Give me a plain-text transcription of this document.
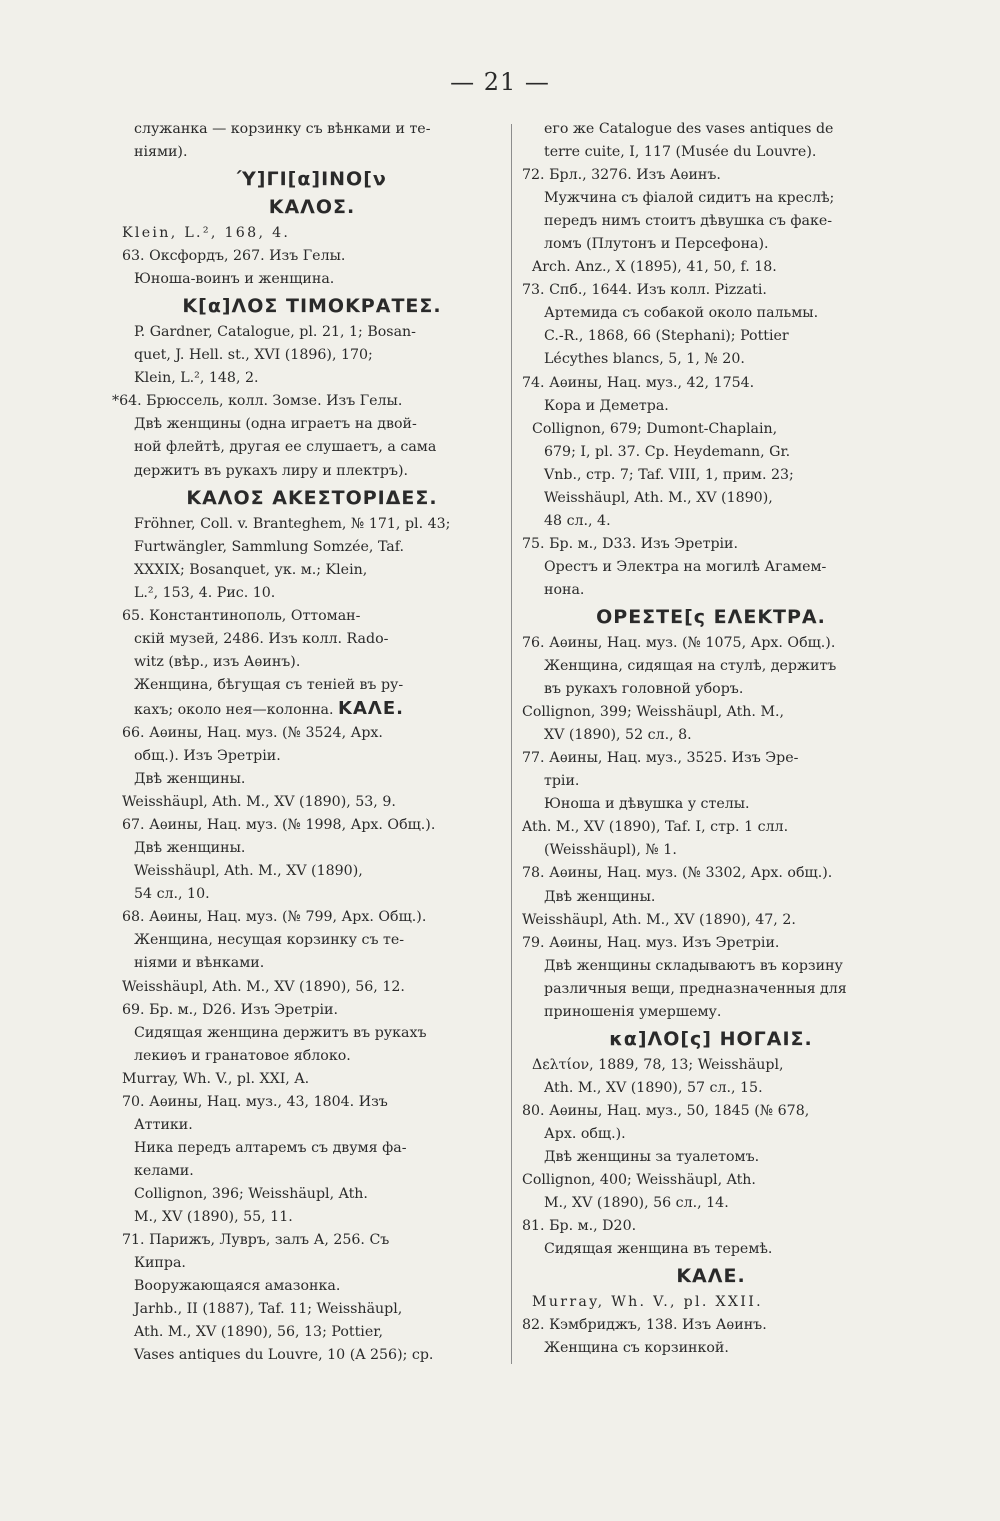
— 21 —

служанка — корзинку съ вѣнками и те-

ніями).

Ύ]ΓΙ[α]ΙΝΟ[ν

ΚΑΛΟΣ.

Klein, L.², 168, 4.

63. Оксфордъ, 267. Изъ Гелы.

Юноша-воинъ и женщина.

Κ[α]ΛΟΣ ΤΙΜΟΚΡΑΤΕΣ.

P. Gardner, Catalogue, pl. 21, 1; Bosan-

quet, J. Hell. st., XVI (1896), 170;

Klein, L.², 148, 2.

*64. Брюссель, колл. Зомзе. Изъ Гелы.

Двѣ женщины (одна играетъ на двой-

ной флейтѣ, другая ее слушаетъ, а сама

держитъ въ рукахъ лиру и плектръ).

ΚΑΛΟΣ ΑΚΕΣΤΟΡΙΔΕΣ.

Fröhner, Coll. v. Branteghem, № 171, pl. 43;

Furtwängler, Sammlung Somzée, Taf.

XXXIX; Bosanquet, ук. м.; Klein,

L.², 153, 4. Рис. 10.

65. Константинополь, Оттоман-

скій музей, 2486. Изъ колл. Rado-

witz (вѣр., изъ Аѳинъ).

Женщина, бѣгущая съ теніей въ ру-

кахъ; около нея—колонна. ΚΑΛΕ.

66. Аѳины, Нац. муз. (№ 3524, Арх.

общ.). Изъ Эретріи.

Двѣ женщины.

Weisshäupl, Ath. M., XV (1890), 53, 9.

67. Аѳины, Нац. муз. (№ 1998, Арх. Общ.).

Двѣ женщины.

Weisshäupl, Ath. M., XV (1890),

54 сл., 10.

68. Аѳины, Нац. муз. (№ 799, Арх. Общ.).

Женщина, несущая корзинку съ те-

ніями и вѣнками.

Weisshäupl, Ath. M., XV (1890), 56, 12.

69. Бр. м., D26. Изъ Эретріи.

Сидящая женщина держитъ въ рукахъ

лекиѳъ и гранатовое яблоко.

Murray, Wh. V., pl. XXI, A.

70. Аѳины, Нац. муз., 43, 1804. Изъ

Аттики.

Ника передъ алтаремъ съ двумя фа-

келами.

Collignon, 396; Weisshäupl, Ath.

M., XV (1890), 55, 11.

71. Парижъ, Лувръ, залъ А, 256. Съ

Кипра.

Вооружающаяся амазонка.

Jarhb., II (1887), Taf. 11; Weisshäupl,

Ath. M., XV (1890), 56, 13; Pottier,

Vases antiques du Louvre, 10 (A 256); ср.

его же Catalogue des vases antiques de

terre cuite, I, 117 (Musée du Louvre).

72. Брл., 3276. Изъ Аѳинъ.

Мужчина съ фіалой сидитъ на креслѣ;

передъ нимъ стоитъ дѣвушка съ факе-

ломъ (Плутонъ и Персефона).

Arch. Anz., X (1895), 41, 50, f. 18.

73. Спб., 1644. Изъ колл. Pizzati.

Артемида съ собакой около пальмы.

C.-R., 1868, 66 (Stephani); Pottier

Lécythes blancs, 5, 1, № 20.

74. Аѳины, Нац. муз., 42, 1754.

Кора и Деметра.

Collignon, 679; Dumont-Chaplain,

679; I, pl. 37. Ср. Heydemann, Gr.

Vnb., стр. 7; Taf. VIII, 1, прим. 23;

Weisshäupl, Ath. M., XV (1890),

48 сл., 4.

75. Бр. м., D33. Изъ Эретріи.

Орестъ и Электра на могилѣ Агамем-

нона.

ΟΡΕΣΤΕ[ς ΕΛΕΚΤΡΑ.

76. Аѳины, Нац. муз. (№ 1075, Арх. Общ.).

Женщина, сидящая на стулѣ, держитъ

въ рукахъ головной уборъ.

Collignon, 399; Weisshäupl, Ath. M.,

XV (1890), 52 сл., 8.

77. Аѳины, Нац. муз., 3525. Изъ Эре-

тріи.

Юноша и дѣвушка у стелы.

Ath. M., XV (1890), Taf. I, стр. 1 слл.

(Weisshäupl), № 1.

78. Аѳины, Нац. муз. (№ 3302, Арх. общ.).

Двѣ женщины.

Weisshäupl, Ath. M., XV (1890), 47, 2.

79. Аѳины, Нац. муз. Изъ Эретріи.

Двѣ женщины складываютъ въ корзину

различныя вещи, предназначенныя для

приношенія умершему.

κα]ΛΟ[ς] ΗΟΓΑΙΣ.

Δελτίον, 1889, 78, 13; Weisshäupl,

Ath. M., XV (1890), 57 сл., 15.

80. Аѳины, Нац. муз., 50, 1845 (№ 678,

Арх. общ.).

Двѣ женщины за туалетомъ.

Collignon, 400; Weisshäupl, Ath.

M., XV (1890), 56 сл., 14.

81. Бр. м., D20.

Сидящая женщина въ теремѣ.

ΚΑΛΕ.

Murray, Wh. V., pl. XXII.

82. Кэмбриджъ, 138. Изъ Аѳинъ.

Женщина съ корзинкой.
